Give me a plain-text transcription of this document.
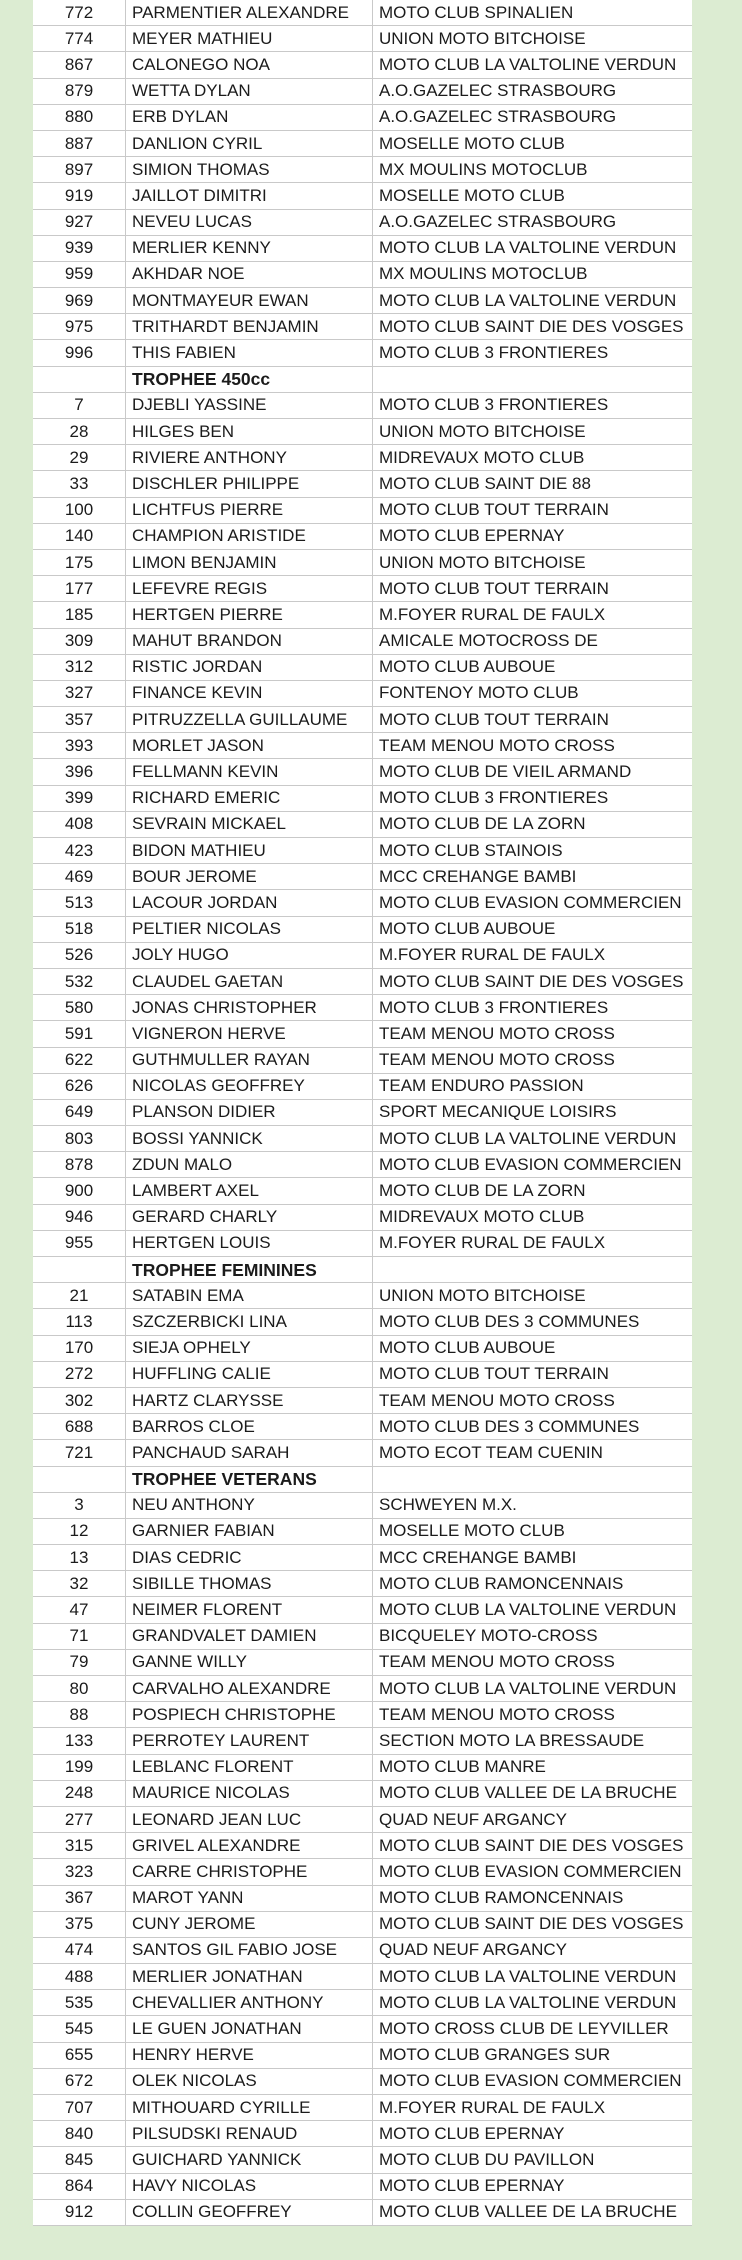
772	PARMENTIER ALEXANDRE	MOTO CLUB SPINALIEN
774	MEYER MATHIEU	UNION MOTO BITCHOISE
867	CALONEGO NOA	MOTO CLUB LA VALTOLINE VERDUN
879	WETTA DYLAN	A.O.GAZELEC STRASBOURG
880	ERB DYLAN	A.O.GAZELEC STRASBOURG
887	DANLION CYRIL	MOSELLE MOTO CLUB
897	SIMION THOMAS	MX MOULINS MOTOCLUB
919	JAILLOT DIMITRI	MOSELLE MOTO CLUB
927	NEVEU LUCAS	A.O.GAZELEC STRASBOURG
939	MERLIER KENNY	MOTO CLUB LA VALTOLINE VERDUN
959	AKHDAR NOE	MX MOULINS MOTOCLUB
969	MONTMAYEUR EWAN	MOTO CLUB LA VALTOLINE VERDUN
975	TRITHARDT BENJAMIN	MOTO CLUB SAINT DIE DES VOSGES
996	THIS FABIEN	MOTO CLUB 3 FRONTIERES
	TROPHEE 450cc	
7	DJEBLI YASSINE	MOTO CLUB 3 FRONTIERES
28	HILGES BEN	UNION MOTO BITCHOISE
29	RIVIERE ANTHONY	MIDREVAUX MOTO CLUB
33	DISCHLER PHILIPPE	MOTO CLUB SAINT DIE 88
100	LICHTFUS PIERRE	MOTO CLUB TOUT TERRAIN
140	CHAMPION ARISTIDE	MOTO CLUB EPERNAY
175	LIMON BENJAMIN	UNION MOTO BITCHOISE
177	LEFEVRE REGIS	MOTO CLUB TOUT TERRAIN
185	HERTGEN PIERRE	M.FOYER RURAL DE FAULX
309	MAHUT BRANDON	AMICALE MOTOCROSS DE
312	RISTIC JORDAN	MOTO CLUB AUBOUE
327	FINANCE KEVIN	FONTENOY MOTO CLUB
357	PITRUZZELLA GUILLAUME	MOTO CLUB TOUT TERRAIN
393	MORLET JASON	TEAM MENOU MOTO CROSS
396	FELLMANN KEVIN	MOTO CLUB DE VIEIL ARMAND
399	RICHARD EMERIC	MOTO CLUB 3 FRONTIERES
408	SEVRAIN MICKAEL	MOTO CLUB DE LA ZORN
423	BIDON MATHIEU	MOTO CLUB STAINOIS
469	BOUR JEROME	MCC CREHANGE BAMBI
513	LACOUR JORDAN	MOTO CLUB EVASION COMMERCIEN
518	PELTIER NICOLAS	MOTO CLUB AUBOUE
526	JOLY HUGO	M.FOYER RURAL DE FAULX
532	CLAUDEL GAETAN	MOTO CLUB SAINT DIE DES VOSGES
580	JONAS CHRISTOPHER	MOTO CLUB 3 FRONTIERES
591	VIGNERON HERVE	TEAM MENOU MOTO CROSS
622	GUTHMULLER RAYAN	TEAM MENOU MOTO CROSS
626	NICOLAS GEOFFREY	TEAM ENDURO PASSION
649	PLANSON DIDIER	SPORT MECANIQUE LOISIRS
803	BOSSI YANNICK	MOTO CLUB LA VALTOLINE VERDUN
878	ZDUN MALO	MOTO CLUB EVASION COMMERCIEN
900	LAMBERT AXEL	MOTO CLUB DE LA ZORN
946	GERARD CHARLY	MIDREVAUX MOTO CLUB
955	HERTGEN LOUIS	M.FOYER RURAL DE FAULX
	TROPHEE FEMININES	
21	SATABIN EMA	UNION MOTO BITCHOISE
113	SZCZERBICKI LINA	MOTO CLUB DES 3 COMMUNES
170	SIEJA OPHELY	MOTO CLUB AUBOUE
272	HUFFLING CALIE	MOTO CLUB TOUT TERRAIN
302	HARTZ CLARYSSE	TEAM MENOU MOTO CROSS
688	BARROS CLOE	MOTO CLUB DES 3 COMMUNES
721	PANCHAUD SARAH	MOTO ECOT TEAM CUENIN
	TROPHEE VETERANS	
3	NEU ANTHONY	SCHWEYEN M.X.
12	GARNIER FABIAN	MOSELLE MOTO CLUB
13	DIAS CEDRIC	MCC CREHANGE BAMBI
32	SIBILLE THOMAS	MOTO CLUB RAMONCENNAIS
47	NEIMER FLORENT	MOTO CLUB LA VALTOLINE VERDUN
71	GRANDVALET DAMIEN	BICQUELEY MOTO-CROSS
79	GANNE WILLY	TEAM MENOU MOTO CROSS
80	CARVALHO ALEXANDRE	MOTO CLUB LA VALTOLINE VERDUN
88	POSPIECH CHRISTOPHE	TEAM MENOU MOTO CROSS
133	PERROTEY LAURENT	SECTION MOTO LA BRESSAUDE
199	LEBLANC FLORENT	MOTO CLUB MANRE
248	MAURICE NICOLAS	MOTO CLUB VALLEE DE LA BRUCHE
277	LEONARD JEAN LUC	QUAD NEUF ARGANCY
315	GRIVEL ALEXANDRE	MOTO CLUB SAINT DIE DES VOSGES
323	CARRE CHRISTOPHE	MOTO CLUB EVASION COMMERCIEN
367	MAROT YANN	MOTO CLUB RAMONCENNAIS
375	CUNY JEROME	MOTO CLUB SAINT DIE DES VOSGES
474	SANTOS GIL FABIO JOSE	QUAD NEUF ARGANCY
488	MERLIER JONATHAN	MOTO CLUB LA VALTOLINE VERDUN
535	CHEVALLIER ANTHONY	MOTO CLUB LA VALTOLINE VERDUN
545	LE GUEN JONATHAN	MOTO CROSS CLUB DE LEYVILLER
655	HENRY HERVE	MOTO CLUB GRANGES SUR
672	OLEK NICOLAS	MOTO CLUB EVASION COMMERCIEN
707	MITHOUARD CYRILLE	M.FOYER RURAL DE FAULX
840	PILSUDSKI RENAUD	MOTO CLUB EPERNAY
845	GUICHARD YANNICK	MOTO CLUB DU PAVILLON
864	HAVY NICOLAS	MOTO CLUB EPERNAY
912	COLLIN GEOFFREY	MOTO CLUB VALLEE DE LA BRUCHE
